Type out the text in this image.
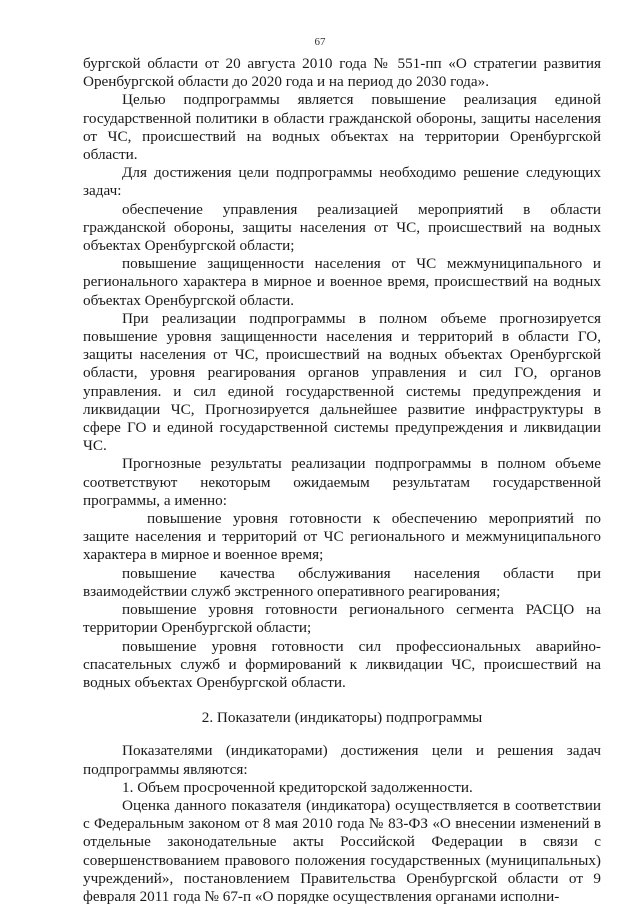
67

бургской области от 20 августа 2010 года № 551-пп «О стратегии развития Оренбургской области до 2020 года и на период до 2030 года».

Целью подпрограммы является повышение реализация единой государственной политики в области гражданской обороны, защиты населения от ЧС, происшествий на водных объектах на территории Оренбургской области.

Для достижения цели подпрограммы необходимо решение следующих задач:

обеспечение управления реализацией мероприятий в области гражданской обороны, защиты населения от ЧС, происшествий на водных объектах Оренбургской области;

повышение защищенности населения от ЧС межмуниципального и регионального характера в мирное и военное время, происшествий на водных объектах Оренбургской области.

При реализации подпрограммы в полном объеме прогнозируется повышение уровня защищенности населения и территорий в области ГО, защиты населения от ЧС, происшествий на водных объектах Оренбургской области, уровня реагирования органов управления и сил ГО, органов управления. и сил единой государственной системы предупреждения и ликвидации ЧС, Прогнозируется дальнейшее развитие инфраструктуры в сфере ГО и единой государственной системы предупреждения и ликвидации ЧС.

Прогнозные результаты реализации подпрограммы в полном объеме соответствуют некоторым ожидаемым результатам государственной программы, а именно:

повышение уровня готовности к обеспечению мероприятий по защите населения и территорий от ЧС регионального и межмуниципального характера в мирное и военное время;

повышение качества обслуживания населения области при взаимодействии служб экстренного оперативного реагирования;

повышение уровня готовности регионального сегмента РАСЦО на территории Оренбургской области;

повышение уровня готовности сил профессиональных аварийно-спасательных служб и формирований к ликвидации ЧС, происшествий на водных объектах Оренбургской области.

2. Показатели (индикаторы) подпрограммы

Показателями (индикаторами) достижения цели и решения задач подпрограммы являются:

1. Объем просроченной кредиторской задолженности.

Оценка данного показателя (индикатора) осуществляется в соответствии с Федеральным законом от 8 мая 2010 года № 83-ФЗ «О внесении изменений в отдельные законодательные акты Российской Федерации в связи с совершенствованием правового положения государственных (муниципальных) учреждений», постановлением Правительства Оренбургской области от 9 февраля 2011 года № 67-п «О порядке осуществления органами исполни-
